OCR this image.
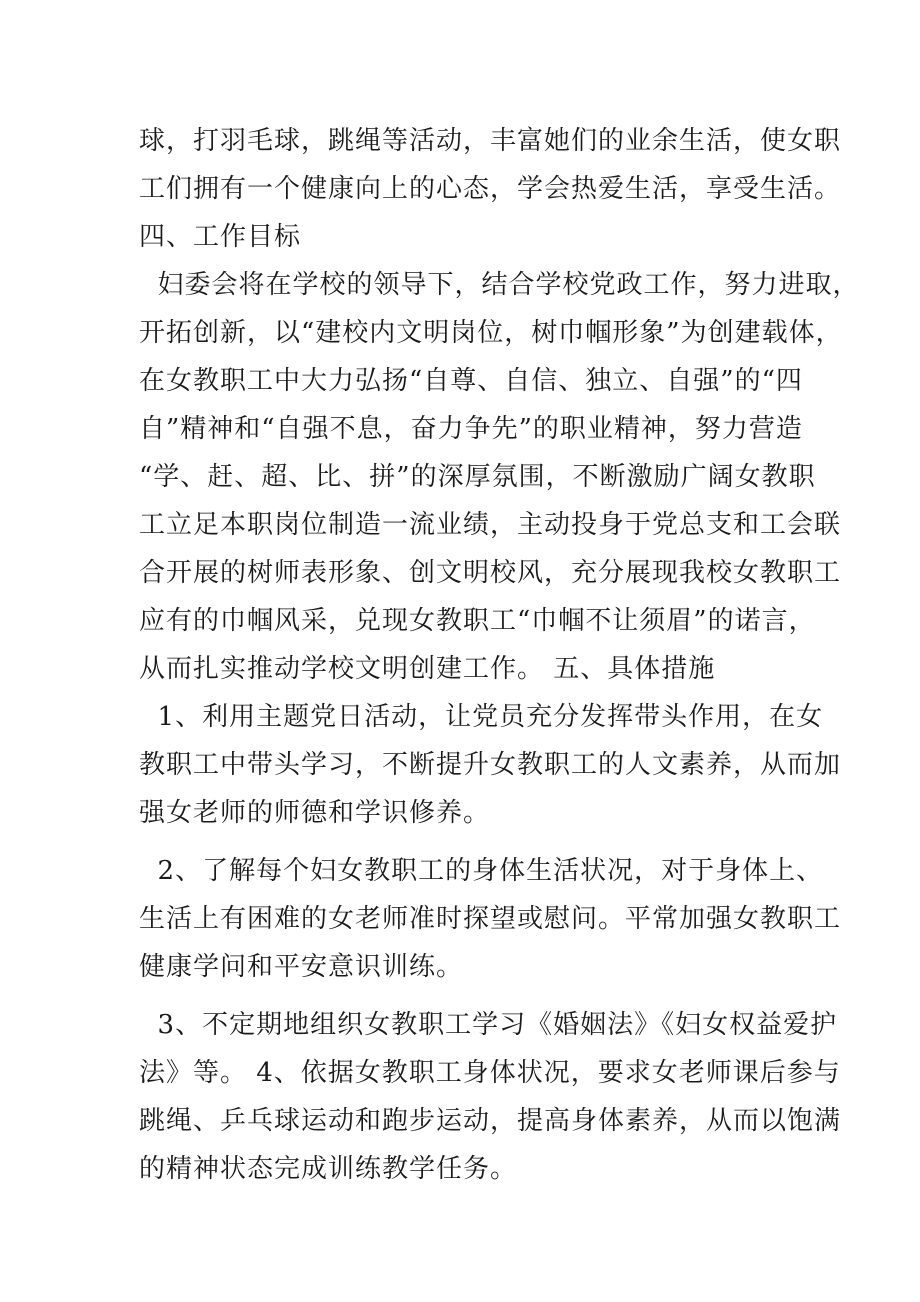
球，打羽毛球，跳绳等活动，丰富她们的业余生活，使女职
工们拥有一个健康向上的心态，学会热爱生活，享受生活。
四、工作目标
妇委会将在学校的领导下，结合学校党政工作，努力进取，
开拓创新，以“建校内文明岗位，树巾帼形象”为创建载体，
在女教职工中大力弘扬“自尊、自信、独立、自强”的“四
自”精神和“自强不息，奋力争先”的职业精神，努力营造
“学、赶、超、比、拼”的深厚氛围，不断激励广阔女教职
工立足本职岗位制造一流业绩，主动投身于党总支和工会联
合开展的树师表形象、创文明校风，充分展现我校女教职工
应有的巾帼风采，兑现女教职工“巾帼不让须眉”的诺言，
从而扎实推动学校文明创建工作。 五、具体措施
1、利用主题党日活动，让党员充分发挥带头作用，在女
教职工中带头学习，不断提升女教职工的人文素养，从而加
强女老师的师德和学识修养。
2、了解每个妇女教职工的身体生活状况，对于身体上、
生活上有困难的女老师准时探望或慰问。平常加强女教职工
健康学问和平安意识训练。
3、不定期地组织女教职工学习《婚姻法》《妇女权益爱护
法》等。 4、依据女教职工身体状况，要求女老师课后参与
跳绳、乒乓球运动和跑步运动，提高身体素养，从而以饱满
的精神状态完成训练教学任务。
